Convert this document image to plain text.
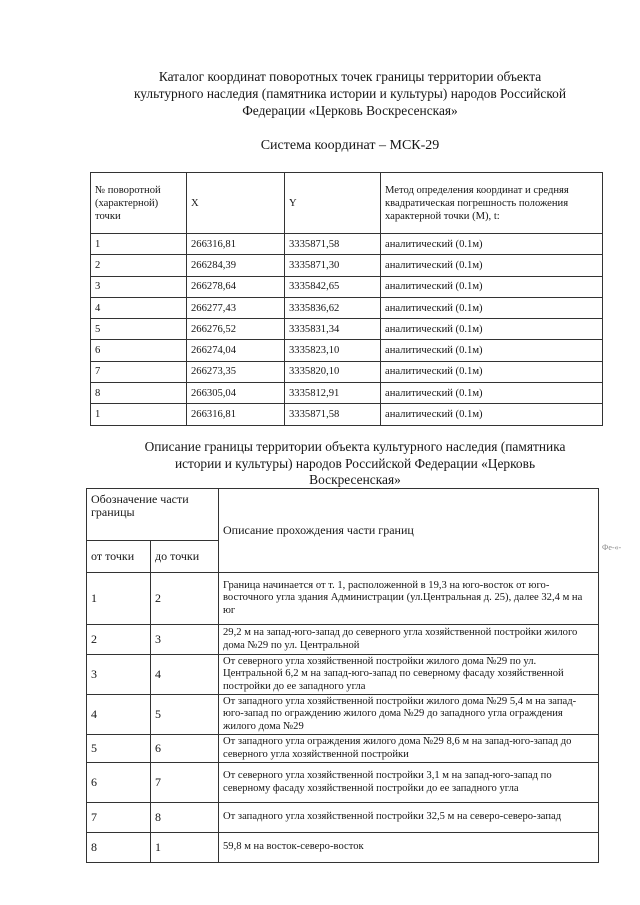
Каталог координат поворотных точек границы территории объекта
культурного наследия (памятника истории и культуры) народов Российской
Федерации «Церковь Воскресенская»
Система координат – МСК-29
№ поворотной (характерной) точки	X	Y	Метод определения координат и средняя квадратическая погрешность положения характерной точки (М), t:
1	266316,81	3335871,58	аналитический (0.1м)
2	266284,39	3335871,30	аналитический (0.1м)
3	266278,64	3335842,65	аналитический (0.1м)
4	266277,43	3335836,62	аналитический (0.1м)
5	266276,52	3335831,34	аналитический (0.1м)
6	266274,04	3335823,10	аналитический (0.1м)
7	266273,35	3335820,10	аналитический (0.1м)
8	266305,04	3335812,91	аналитический (0.1м)
1	266316,81	3335871,58	аналитический (0.1м)
Описание границы территории объекта культурного наследия (памятника
истории и культуры) народов Российской Федерации «Церковь
Воскресенская»
Обозначение части границы		Описание прохождения части границ
от точки	до точки	
1	2	Граница начинается от т. 1, расположенной в 19,3 на юго-восток от юго-восточного угла здания Администрации (ул.Центральная д. 25), далее 32,4 м на юг
2	3	29,2 м на запад-юго-запад до северного угла хозяйственной постройки жилого дома №29 по ул. Центральной
3	4	От северного угла хозяйственной постройки жилого дома №29 по ул. Центральной 6,2 м на запад-юго-запад по северному фасаду хозяйственной постройки до ее западного угла
4	5	От западного угла хозяйственной постройки жилого дома №29 5,4 м на запад-юго-запад по ограждению жилого дома №29 до западного угла ограждения жилого дома №29
5	6	От западного угла ограждения жилого дома №29 8,6 м на запад-юго-запад до северного угла хозяйственной постройки
6	7	От северного угла хозяйственной постройки 3,1 м на запад-юго-запад по северному фасаду хозяйственной постройки до ее западного угла
7	8	От западного угла хозяйственной постройки 32,5 м на северо-северо-запад
8	1	59,8 м на восток-северо-восток
Фе-«-
